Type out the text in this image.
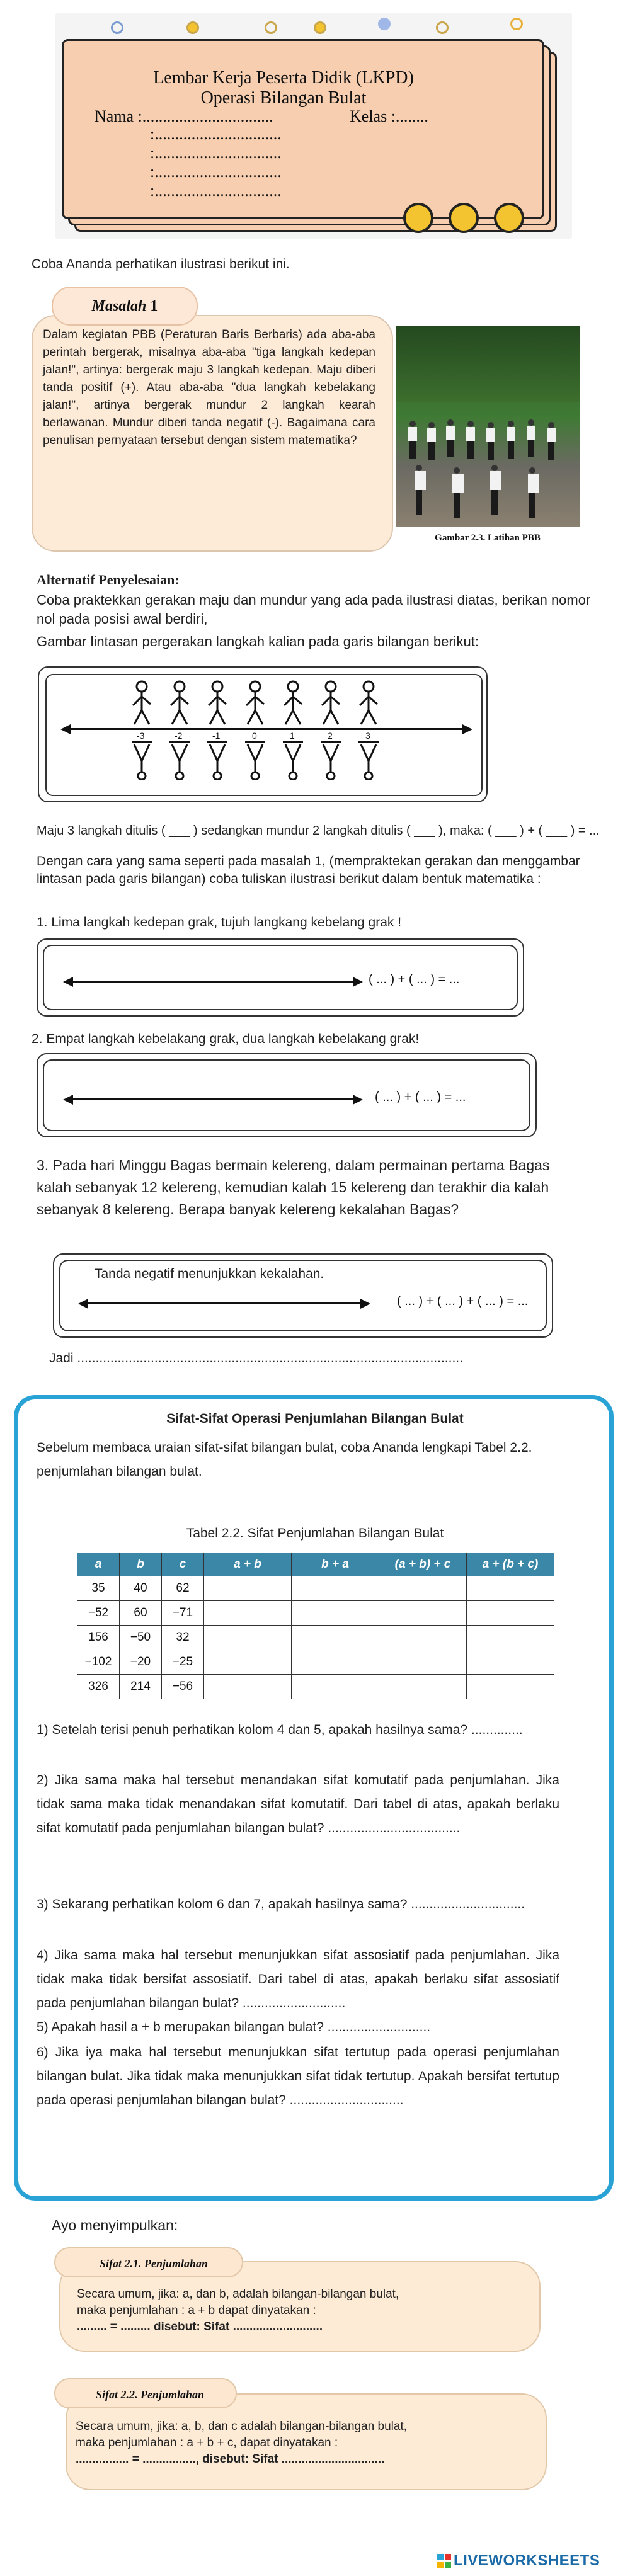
Lembar Kerja Peserta Didik (LKPD)
Operasi Bilangan Bulat
Nama :................................	Kelas :........
:...............................
:...............................
:...............................
:...............................
Coba Ananda perhatikan ilustrasi berikut ini.
Masalah 1
Dalam kegiatan PBB (Peraturan Baris Berbaris) ada aba-aba perintah bergerak, misalnya aba-aba "tiga langkah kedepan jalan!", artinya: bergerak maju 3 langkah kedepan. Maju diberi tanda positif (+). Atau aba-aba "dua langkah kebelakang jalan!", artinya bergerak mundur 2 langkah kearah berlawanan. Mundur diberi tanda negatif (-). Bagaimana cara penulisan pernyataan tersebut dengan sistem matematika?
Gambar 2.3. Latihan PBB
Alternatif Penyelesaian:
Coba praktekkan gerakan maju dan mundur yang ada pada ilustrasi diatas, berikan nomor nol pada posisi awal berdiri,
Gambar lintasan pergerakan langkah kalian pada garis bilangan berikut:
-3	-2	-1	0	1	2	3
Maju 3 langkah ditulis ( ___ ) sedangkan mundur 2 langkah ditulis ( ___ ), maka: ( ___ ) + ( ___ ) = ...
Dengan cara yang sama seperti pada masalah 1, (mempraktekan gerakan dan menggambar lintasan pada garis bilangan) coba tuliskan ilustrasi berikut dalam bentuk matematika :
1. Lima langkah kedepan grak, tujuh langkang kebelang grak !
( ... ) + ( ... ) = ...
2. Empat langkah kebelakang grak, dua langkah kebelakang grak!
( ... ) + ( ... ) = ...
3. Pada hari Minggu Bagas bermain kelereng, dalam permainan pertama Bagas kalah sebanyak 12 kelereng, kemudian kalah 15 kelereng dan terakhir dia kalah sebanyak 8 kelereng. Berapa banyak kelereng kekalahan Bagas?
Tanda negatif menunjukkan kekalahan.
( ... ) + ( ... ) + ( ... ) = ...
Jadi .........................................................................................................
Sifat-Sifat Operasi Penjumlahan Bilangan Bulat
Sebelum membaca uraian sifat-sifat bilangan bulat, coba Ananda lengkapi Tabel 2.2. penjumlahan bilangan bulat.
Tabel 2.2. Sifat Penjumlahan Bilangan Bulat
a	b	c	a + b	b + a	(a + b) + c	a + (b + c)
35	40	62				
−52	60	−71				
156	−50	32				
−102	−20	−25				
326	214	−56				
1) Setelah terisi penuh perhatikan kolom 4 dan 5, apakah hasilnya sama? ..............
2) Jika sama maka hal tersebut menandakan sifat komutatif pada penjumlahan. Jika tidak sama maka tidak menandakan sifat komutatif. Dari tabel di atas, apakah berlaku sifat komutatif pada penjumlahan bilangan bulat? ....................................
3) Sekarang perhatikan kolom 6 dan 7, apakah hasilnya sama? ...............................
4) Jika sama maka hal tersebut menunjukkan sifat assosiatif pada penjumlahan. Jika tidak maka tidak bersifat assosiatif. Dari tabel di atas, apakah berlaku sifat assosiatif pada penjumlahan bilangan bulat? ............................
5) Apakah hasil a + b merupakan bilangan bulat? ............................
6) Jika iya maka hal tersebut menunjukkan sifat tertutup pada operasi penjumlahan bilangan bulat. Jika tidak maka menunjukkan sifat tidak tertutup. Apakah bersifat tertutup pada operasi penjumlahan bilangan bulat? ...............................
Ayo menyimpulkan:
Sifat 2.1. Penjumlahan
Secara umum, jika: a, dan b, adalah bilangan-bilangan bulat,
maka penjumlahan : a + b dapat dinyatakan :
......... = ......... disebut: Sifat ...........................
Sifat 2.2. Penjumlahan
Secara umum, jika: a, b, dan c adalah bilangan-bilangan bulat,
maka penjumlahan : a + b + c, dapat dinyatakan :
................ = ................, disebut: Sifat ...............................
LIVEWORKSHEETS
